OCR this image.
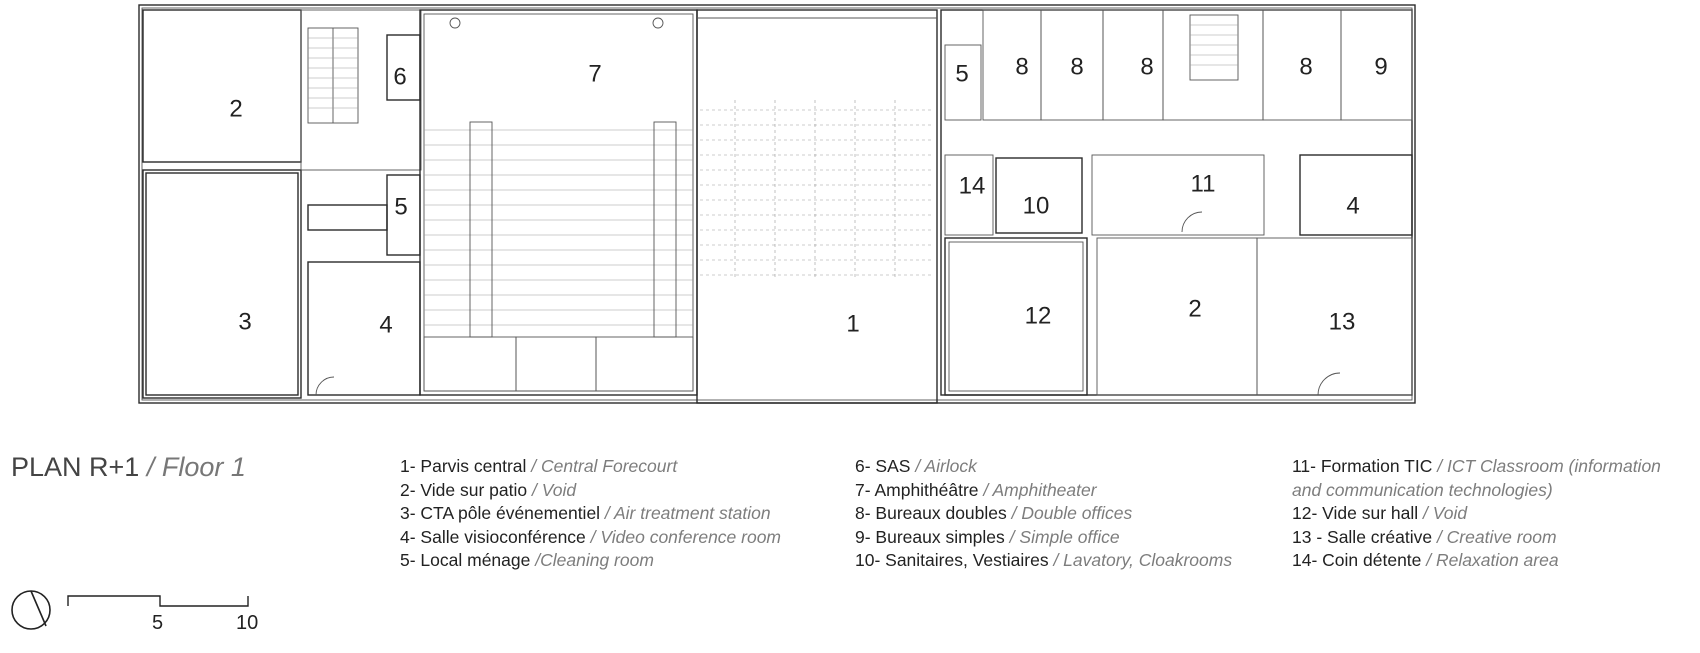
2
3
6
5
4
7
1
5 8 8 8	8	9
14
10
11
4
12	2	13
PLAN R+1 / Floor 1	1- Parvis central / Central Forecourt
2- Vide sur patio / Void
3- CTA pôle événementiel / Air treatment station
4- Salle visioconférence / Video conference room
5- Local ménage /Cleaning room
6- SAS / Airlock
7- Amphithéâtre / Amphitheater
8- Bureaux doubles / Double offices
9- Bureaux simples / Simple office
10- Sanitaires, Vestiaires / Lavatory, Cloakrooms
11- Formation TIC / ICT Classroom (information
and communication technologies)
12- Vide sur hall / Void
13 - Salle créative / Creative room
14- Coin détente / Relaxation area
5	10
